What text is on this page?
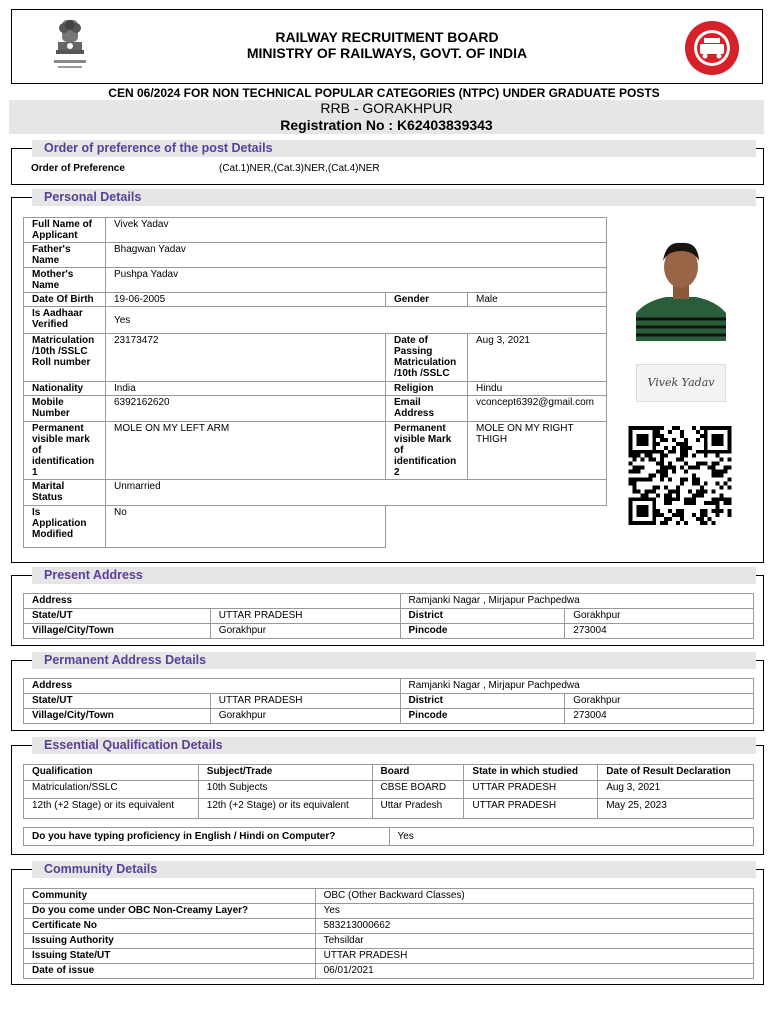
RAILWAY RECRUITMENT BOARD
MINISTRY OF RAILWAYS, GOVT. OF INDIA
CEN 06/2024 FOR NON TECHNICAL POPULAR CATEGORIES (NTPC) UNDER GRADUATE POSTS
RRB - GORAKHPUR
Registration No : K62403839343
Order of preference of the post Details
Order of Preference	(Cat.1)NER,(Cat.3)NER,(Cat.4)NER
Personal Details
Full Name of Applicant	Vivek Yadav		
Father's Name	Bhagwan Yadav		
Mother's Name	Pushpa Yadav		
Date Of Birth	19-06-2005	Gender	Male
Is Aadhaar Verified	Yes		
Matriculation /10th /SSLC Roll number	23173472	Date of Passing Matriculation /10th /SSLC	Aug 3, 2021
Nationality	India	Religion	Hindu
Mobile Number	6392162620	Email Address	vconcept6392@gmail.com
Permanent visible mark of identification 1	MOLE ON MY LEFT ARM	Permanent visible Mark of identification 2	MOLE ON MY RIGHT THIGH
Marital Status	Unmarried		
Is Application Modified	No		
Vivek Yadav
Present Address
Address		Ramjanki Nagar , Mirjapur Pachpedwa	
State/UT	UTTAR PRADESH	District	Gorakhpur
Village/City/Town	Gorakhpur	Pincode	273004
Permanent Address Details
Address		Ramjanki Nagar , Mirjapur Pachpedwa	
State/UT	UTTAR PRADESH	District	Gorakhpur
Village/City/Town	Gorakhpur	Pincode	273004
Essential Qualification Details
Qualification	Subject/Trade	Board	State in which studied	Date of Result Declaration
Matriculation/SSLC	10th Subjects	CBSE BOARD	UTTAR PRADESH	Aug 3, 2021
12th (+2 Stage) or its equivalent	12th (+2 Stage) or its equivalent	Uttar Pradesh	UTTAR PRADESH	May 25, 2023
Do you have typing proficiency in English / Hindi on Computer?	Yes
Community Details
Community	OBC (Other Backward Classes)
Do you come under OBC Non-Creamy Layer?	Yes
Certificate No	583213000662
Issuing Authority	Tehsildar
Issuing State/UT	UTTAR PRADESH
Date of issue	06/01/2021
